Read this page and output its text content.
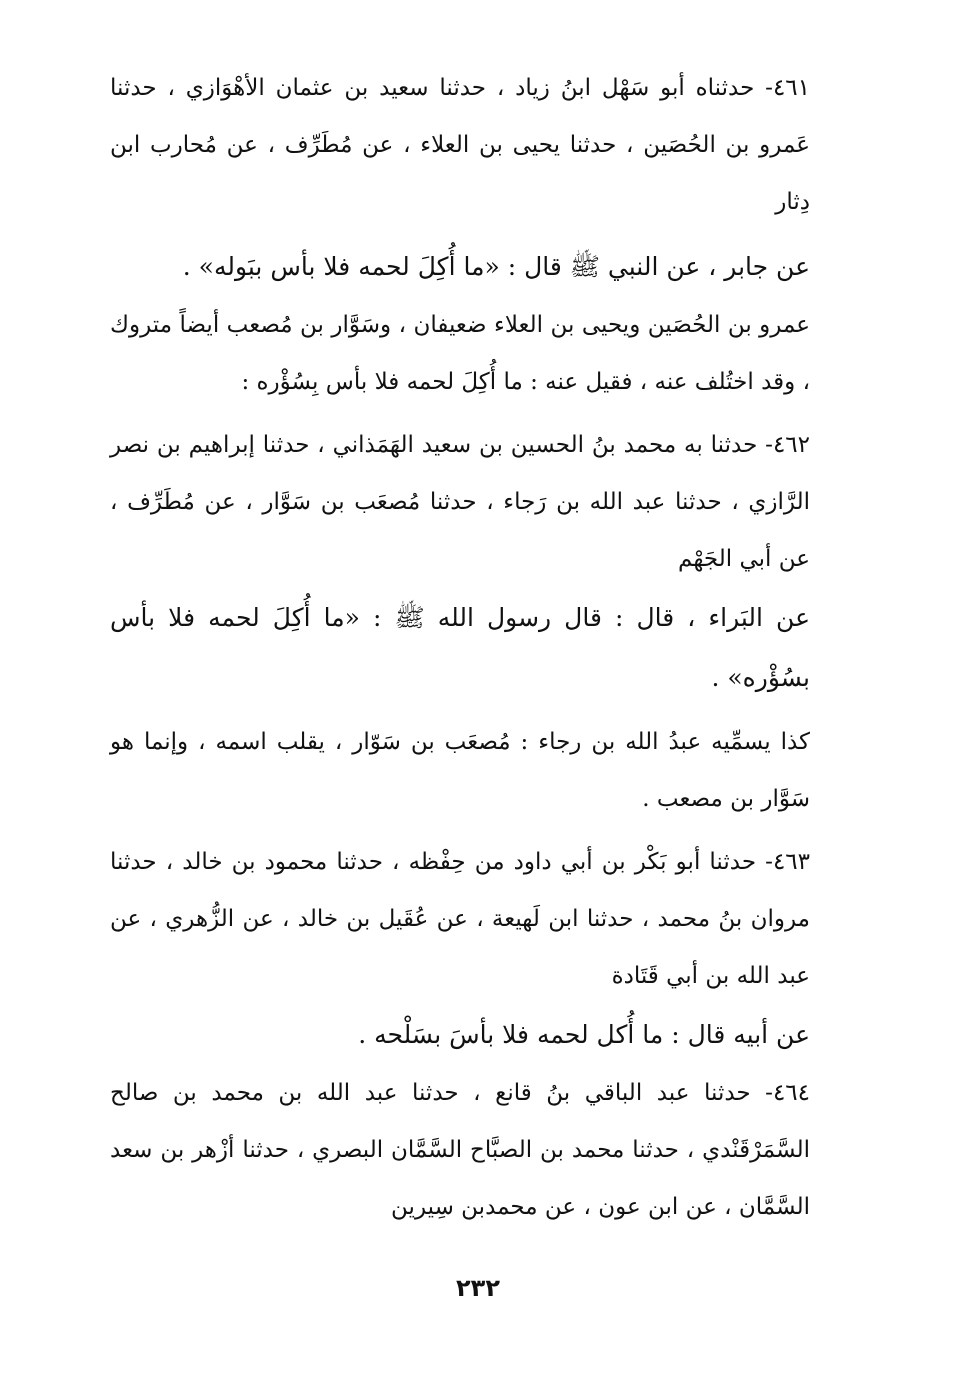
٤٦١- حدثناه أبو سَهْل ابنُ زياد ، حدثنا سعيد بن عثمان الأهْوَازي ، حدثنا عَمرو بن الحُصَين ، حدثنا يحيى بن العلاء ، عن مُطَرِّف ، عن مُحارب ابن دِثار

عن جابر ، عن النبي ﷺ قال : «ما أُكِلَ لحمه فلا بأس ببَوله» .

عمرو بن الحُصَين ويحيى بن العلاء ضعيفان ، وسَوَّار بن مُصعب أيضاً متروك ، وقد اختُلف عنه ، فقيل عنه : ما أُكِلَ لحمه فلا بأس بِسُؤْره :

٤٦٢- حدثنا به محمد بنُ الحسين بن سعيد الهَمَذاني ، حدثنا إبراهيم بن نصر الرَّازي ، حدثنا عبد الله بن رَجاء ، حدثنا مُصعَب بن سَوَّار ، عن مُطَرِّف ، عن أبي الجَهْم

عن البَراء ، قال : قال رسول الله ﷺ : «ما أُكِلَ لحمه فلا بأس بسُؤْره» .

كذا يسمِّيه عبدُ الله بن رجاء : مُصعَب بن سَوّار ، يقلب اسمه ، وإنما هو سَوَّار بن مصعب .

٤٦٣- حدثنا أبو بَكْر بن أبي داود من حِفْظه ، حدثنا محمود بن خالد ، حدثنا مروان بنُ محمد ، حدثنا ابن لَهيعة ، عن عُقَيل بن خالد ، عن الزُّهري ، عن عبد الله بن أبي قَتَادة

عن أبيه قال : ما أُكل لحمه فلا بأسَ بسَلْحه .

٤٦٤- حدثنا عبد الباقي بنُ قانع ، حدثنا عبد الله بن محمد بن صالح السَّمَرْقَنْدي ، حدثنا محمد بن الصبَّاح السَّمَّان البصري ، حدثنا أزْهر بن سعد السَّمَّان ، عن ابن عون ، عن محمدبن سِيرين

٢٣٢
